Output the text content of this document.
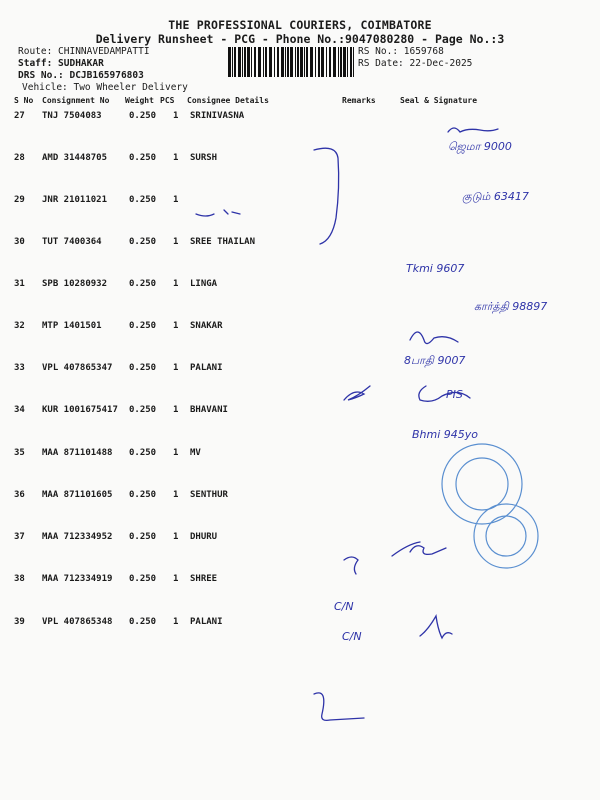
THE PROFESSIONAL COURIERS, COIMBATORE
Delivery Runsheet - PCG - Phone No.:9047080280 - Page No.:3
Route: CHINNAVEDAMPATTI
Staff: SUDHAKAR
DRS No.: DCJB165976803
Vehicle: Two Wheeler Delivery
RS No.: 1659768
RS Date: 22-Dec-2025
S No Consignment No Weight PCS Consignee Details	Remarks	Seal & Signature
27 TNJ 7504083	0.250 1 SRINIVASNA
28 AMD 31448705 0.250 1 SURSH
29 JNR 21011021 0.250 1
30 TUT 7400364	0.250 1 SREE THAILAN
31 SPB 10280932 0.250 1 LINGA
32 MTP 1401501	0.250 1 SNAKAR
33 VPL 407865347 0.250 1 PALANI
34 KUR 1001675417 0.250 1 BHAVANI
35 MAA 871101488 0.250 1 MV
36 MAA 871101605 0.250 1 SENTHUR
37 MAA 712334952 0.250 1 DHURU
38 MAA 712334919 0.250 1 SHREE
39 VPL 407865348 0.250 1 PALANI
ஜெமா 9000
குடும் 63417
Tkmi 9607
கார்த்தி 98897
8பாதி 9007
PIS
Bhmi 945yo
C/N
C/N
